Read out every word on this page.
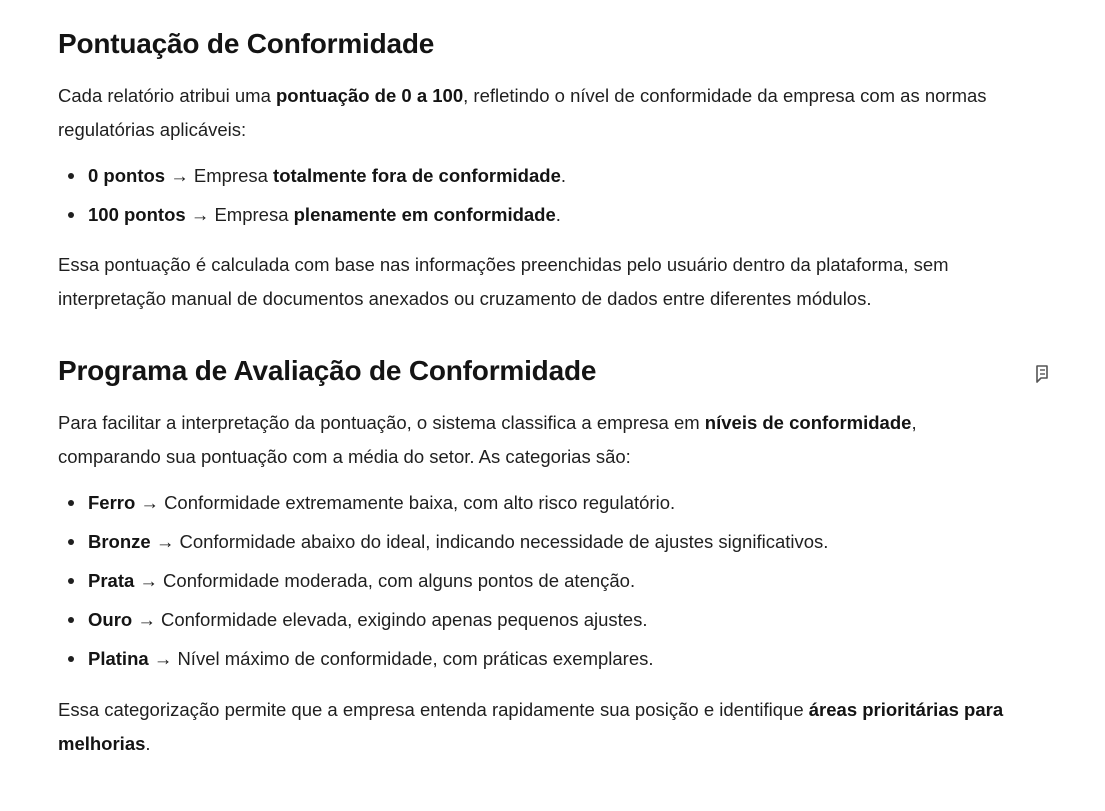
Pontuação de Conformidade

Cada relatório atribui uma pontuação de 0 a 100, refletindo o nível de conformidade da empresa com as normas regulatórias aplicáveis:

0 pontos → Empresa totalmente fora de conformidade.
100 pontos → Empresa plenamente em conformidade.

Essa pontuação é calculada com base nas informações preenchidas pelo usuário dentro da plataforma, sem interpretação manual de documentos anexados ou cruzamento de dados entre diferentes módulos.

Programa de Avaliação de Conformidade

Para facilitar a interpretação da pontuação, o sistema classifica a empresa em níveis de conformidade, comparando sua pontuação com a média do setor. As categorias são:

Ferro → Conformidade extremamente baixa, com alto risco regulatório.
Bronze → Conformidade abaixo do ideal, indicando necessidade de ajustes significativos.
Prata → Conformidade moderada, com alguns pontos de atenção.
Ouro → Conformidade elevada, exigindo apenas pequenos ajustes.
Platina → Nível máximo de conformidade, com práticas exemplares.

Essa categorização permite que a empresa entenda rapidamente sua posição e identifique áreas prioritárias para melhorias.
